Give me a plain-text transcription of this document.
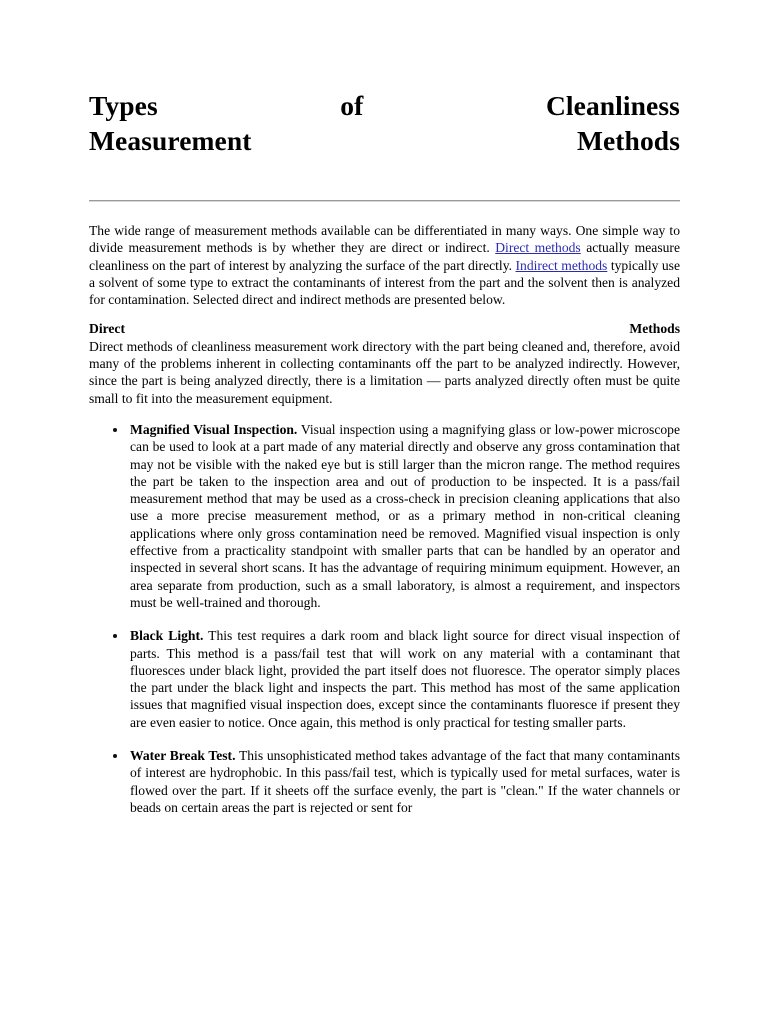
Types	of	Cleanliness
Measurement	Methods

The wide range of measurement methods available can be differentiated in many ways. One simple way to divide measurement methods is by whether they are direct or indirect. Direct methods actually measure cleanliness on the part of interest by analyzing the surface of the part directly. Indirect methods typically use a solvent of some type to extract the contaminants of interest from the part and the solvent then is analyzed for contamination. Selected direct and indirect methods are presented below.

Direct	Methods

Direct methods of cleanliness measurement work directory with the part being cleaned and, therefore, avoid many of the problems inherent in collecting contaminants off the part to be analyzed indirectly. However, since the part is being analyzed directly, there is a limitation — parts analyzed directly often must be quite small to fit into the measurement equipment.

Magnified Visual Inspection. Visual inspection using a magnifying glass or low-power microscope can be used to look at a part made of any material directly and observe any gross contamination that may not be visible with the naked eye but is still larger than the micron range. The method requires the part be taken to the inspection area and out of production to be inspected. It is a pass/fail measurement method that may be used as a cross-check in precision cleaning applications that also use a more precise measurement method, or as a primary method in non-critical cleaning applications where only gross contamination need be removed. Magnified visual inspection is only effective from a practicality standpoint with smaller parts that can be handled by an operator and inspected in several short scans. It has the advantage of requiring minimum equipment. However, an area separate from production, such as a small laboratory, is almost a requirement, and inspectors must be well-trained and thorough.
Black Light. This test requires a dark room and black light source for direct visual inspection of parts. This method is a pass/fail test that will work on any material with a contaminant that fluoresces under black light, provided the part itself does not fluoresce. The operator simply places the part under the black light and inspects the part. This method has most of the same application issues that magnified visual inspection does, except since the contaminants fluoresce if present they are even easier to notice. Once again, this method is only practical for testing smaller parts.
Water Break Test. This unsophisticated method takes advantage of the fact that many contaminants of interest are hydrophobic. In this pass/fail test, which is typically used for metal surfaces, water is flowed over the part. If it sheets off the surface evenly, the part is "clean." If the water channels or beads on certain areas the part is rejected or sent for
